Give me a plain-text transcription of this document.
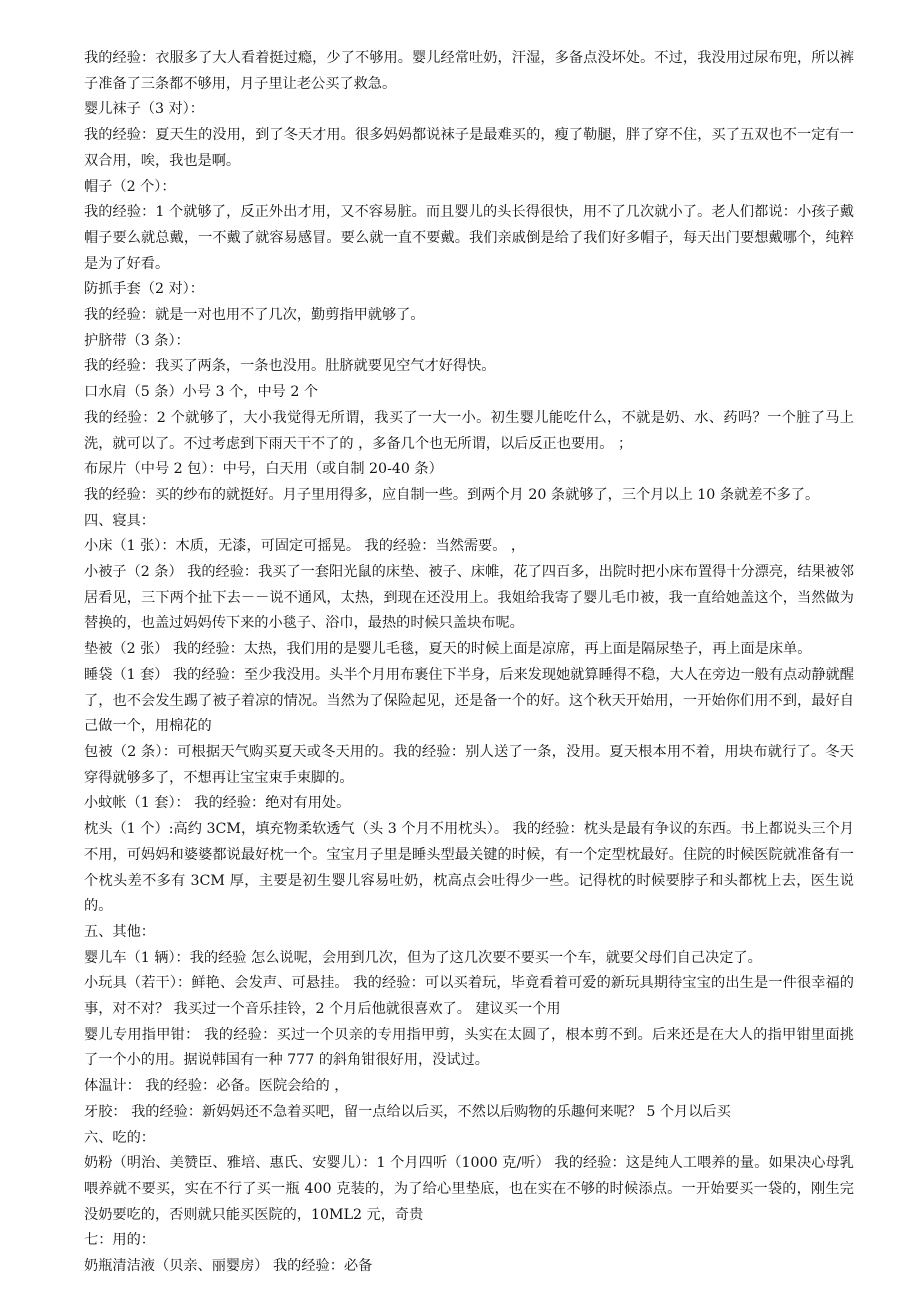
我的经验：衣服多了大人看着挺过瘾，少了不够用。婴儿经常吐奶，汗湿，多备点没坏处。不过，我没用过尿布兜，所以裤子准备了三条都不够用，月子里让老公买了救急。
婴儿袜子（3 对）：
我的经验：夏天生的没用，到了冬天才用。很多妈妈都说袜子是最难买的，瘦了勒腿，胖了穿不住，买了五双也不一定有一双合用，唉，我也是啊。
帽子（2 个）：
我的经验：1 个就够了，反正外出才用，又不容易脏。而且婴儿的头长得很快，用不了几次就小了。老人们都说：小孩子戴帽子要么就总戴，一不戴了就容易感冒。要么就一直不要戴。我们亲戚倒是给了我们好多帽子，每天出门要想戴哪个，纯粹是为了好看。
防抓手套（2 对）：
我的经验：就是一对也用不了几次，勤剪指甲就够了。
护脐带（3 条）：
我的经验：我买了两条，一条也没用。肚脐就要见空气才好得快。
口水肩（5 条）小号 3 个，中号 2 个
我的经验：2 个就够了，大小我觉得无所谓，我买了一大一小。初生婴儿能吃什么，不就是奶、水、药吗？一个脏了马上洗，就可以了。不过考虑到下雨天干不了的 ，多备几个也无所谓，以后反正也要用。 ；
布尿片（中号 2 包）：中号，白天用（或自制 20-40 条）
我的经验：买的纱布的就挺好。月子里用得多，应自制一些。到两个月 20 条就够了，三个月以上 10 条就差不多了。
四、寝具：
小床（1 张）：木质，无漆，可固定可摇晃。 我的经验：当然需要。 ，
小被子（2 条） 我的经验：我买了一套阳光鼠的床垫、被子、床帷，花了四百多，出院时把小床布置得十分漂亮，结果被邻居看见，三下两个扯下去－－说不通风，太热，到现在还没用上。我姐给我寄了婴儿毛巾被，我一直给她盖这个，当然做为替换的，也盖过妈妈传下来的小毯子、浴巾，最热的时候只盖块布呢。
垫被（2 张） 我的经验：太热，我们用的是婴儿毛毯，夏天的时候上面是凉席，再上面是隔尿垫子，再上面是床单。
睡袋（1 套） 我的经验：至少我没用。头半个月用布裹住下半身，后来发现她就算睡得不稳，大人在旁边一般有点动静就醒了，也不会发生踢了被子着凉的情况。当然为了保险起见，还是备一个的好。这个秋天开始用，一开始你们用不到，最好自己做一个，用棉花的
包被（2 条）：可根据天气购买夏天或冬天用的。我的经验：别人送了一条，没用。夏天根本用不着，用块布就行了。冬天穿得就够多了，不想再让宝宝束手束脚的。
小蚊帐（1 套）： 我的经验：绝对有用处。
枕头（1 个）:高约 3CM，填充物柔软透气（头 3 个月不用枕头）。 我的经验：枕头是最有争议的东西。书上都说头三个月不用，可妈妈和婆婆都说最好枕一个。宝宝月子里是睡头型最关键的时候，有一个定型枕最好。住院的时候医院就准备有一个枕头差不多有 3CM 厚，主要是初生婴儿容易吐奶，枕高点会吐得少一些。记得枕的时候要脖子和头都枕上去，医生说的。
五、其他：
婴儿车（1 辆）：我的经验 怎么说呢，会用到几次，但为了这几次要不要买一个车，就要父母们自己决定了。
小玩具（若干）：鲜艳、会发声、可悬挂。 我的经验：可以买着玩，毕竟看着可爱的新玩具期待宝宝的出生是一件很幸福的事，对不对？ 我买过一个音乐挂铃，2 个月后他就很喜欢了。 建议买一个用
婴儿专用指甲钳： 我的经验：买过一个贝亲的专用指甲剪，头实在太圆了，根本剪不到。后来还是在大人的指甲钳里面挑了一个小的用。据说韩国有一种 777 的斜角钳很好用，没试过。
体温计： 我的经验：必备。医院会给的 ，
牙胶： 我的经验：新妈妈还不急着买吧，留一点给以后买，不然以后购物的乐趣何来呢？ 5 个月以后买
六、吃的：
奶粉（明治、美赞臣、雅培、惠氏、安婴儿）：1 个月四听（1000 克/听） 我的经验：这是纯人工喂养的量。如果决心母乳喂养就不要买，实在不行了买一瓶 400 克装的，为了给心里垫底，也在实在不够的时候添点。一开始要买一袋的，刚生完没奶要吃的，否则就只能买医院的，10ML2 元，奇贵
七：用的：
奶瓶清洁液（贝亲、丽婴房） 我的经验：必备
